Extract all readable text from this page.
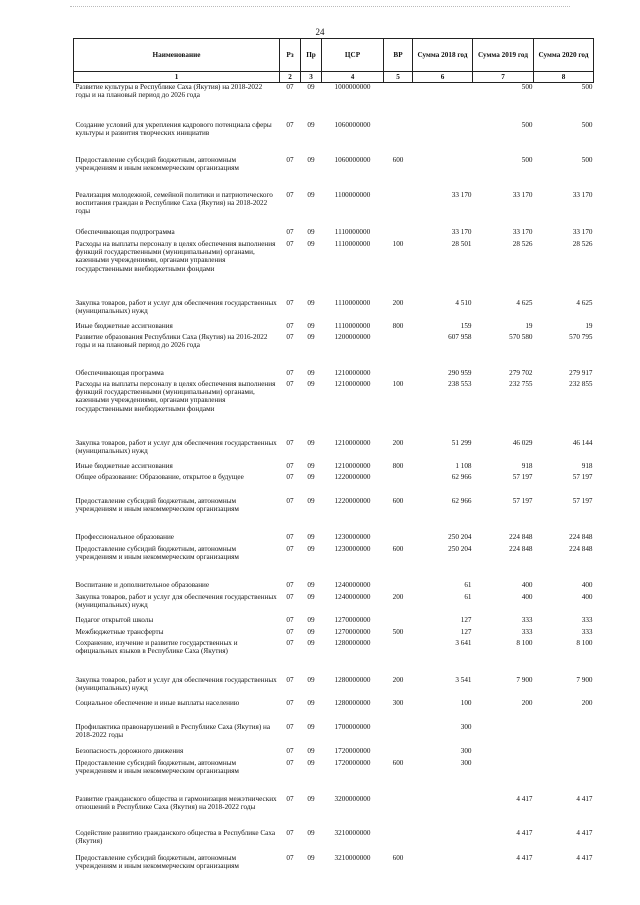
24
Наименование	Рз	Пр	ЦСР	ВР	Сумма 2018 год	Сумма 2019 год	Сумма 2020 год
1	2	3	4	5	6	7	8
Развитие культуры в Республике Саха (Якутия) на 2018-2022 годы и на плановый период до 2026 года	07	09	1000000000			500	500
Создание условий для укрепления кадрового потенциала сферы культуры и развития творческих инициатив	07	09	1060000000			500	500
Предоставление субсидий бюджетным, автономным учреждениям и иным некоммерческим организациям	07	09	1060000000	600		500	500
Реализация молодежной, семейной политики и патриотического воспитания граждан в Республике Саха (Якутия) на 2018-2022 годы	07	09	1100000000		33 170	33 170	33 170
Обеспечивающая подпрограмма	07	09	1110000000		33 170	33 170	33 170
Расходы на выплаты персоналу в целях обеспечения выполнения функций государственными (муниципальными) органами, казенными учреждениями, органами управления государственными внебюджетными фондами	07	09	1110000000	100	28 501	28 526	28 526
Закупка товаров, работ и услуг для обеспечения государственных (муниципальных) нужд	07	09	1110000000	200	4 510	4 625	4 625
Иные бюджетные ассигнования	07	09	1110000000	800	159	19	19
Развитие образования Республики Саха (Якутия) на 2016-2022 годы и на плановый период до 2026 года	07	09	1200000000		607 958	570 580	570 795
Обеспечивающая программа	07	09	1210000000		290 959	279 702	279 917
Расходы на выплаты персоналу в целях обеспечения выполнения функций государственными (муниципальными) органами, казенными учреждениями, органами управления государственными внебюджетными фондами	07	09	1210000000	100	238 553	232 755	232 855
Закупка товаров, работ и услуг для обеспечения государственных (муниципальных) нужд	07	09	1210000000	200	51 299	46 029	46 144
Иные бюджетные ассигнования	07	09	1210000000	800	1 108	918	918
Общее образование: Образование, открытое в будущее	07	09	1220000000		62 966	57 197	57 197
Предоставление субсидий бюджетным, автономным учреждениям и иным некоммерческим организациям	07	09	1220000000	600	62 966	57 197	57 197
Профессиональное образование	07	09	1230000000		250 204	224 848	224 848
Предоставление субсидий бюджетным, автономным учреждениям и иным некоммерческим организациям	07	09	1230000000	600	250 204	224 848	224 848
Воспитание и дополнительное образование	07	09	1240000000		61	400	400
Закупка товаров, работ и услуг для обеспечения государственных (муниципальных) нужд	07	09	1240000000	200	61	400	400
Педагог открытой школы	07	09	1270000000		127	333	333
Межбюджетные трансферты	07	09	1270000000	500	127	333	333
Сохранение, изучение и развитие государственных и официальных языков в Республике Саха (Якутия)	07	09	1280000000		3 641	8 100	8 100
Закупка товаров, работ и услуг для обеспечения государственных (муниципальных) нужд	07	09	1280000000	200	3 541	7 900	7 900
Социальное обеспечение и иные выплаты населению	07	09	1280000000	300	100	200	200
Профилактика правонарушений в Республике Саха (Якутия) на 2018-2022 годы	07	09	1700000000		300		
Безопасность дорожного движения	07	09	1720000000		300		
Предоставление субсидий бюджетным, автономным учреждениям и иным некоммерческим организациям	07	09	1720000000	600	300		
Развитие гражданского общества и гармонизация межэтнических отношений в Республике Саха (Якутия) на 2018-2022 годы	07	09	3200000000			4 417	4 417
Содействие развитию гражданского общества в Республике Саха (Якутия)	07	09	3210000000			4 417	4 417
Предоставление субсидий бюджетным, автономным учреждениям и иным некоммерческим организациям	07	09	3210000000	600		4 417	4 417
